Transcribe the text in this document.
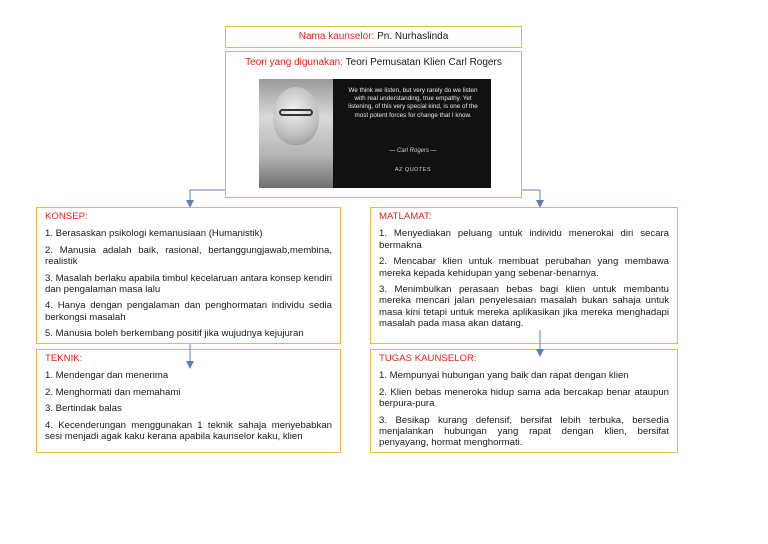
Nama kaunselor: Pn. Nurhaslinda
Teori yang digunakan: Teori Pemusatan Klien Carl Rogers
We think we listen, but very rarely do we listen with real understanding, true empathy. Yet listening, of this very special kind, is one of the most potent forces for change that I know.
— Carl Rogers —
AZ QUOTES
KONSEP:
1. Berasaskan psikologi kemanusiaan (Humanistik)
2. Manusia adalah baik, rasional, bertanggungjawab,membina, realistik
3. Masalah berlaku apabila timbul kecelaruan antara konsep kendiri dan pengalaman masa lalu
4. Hanya dengan pengalaman dan penghormatan individu sedia berkongsi masalah
5. Manusia boleh berkembang positif jika wujudnya kejujuran
MATLAMAT:
1. Menyediakan peluang untuk individu menerokai diri secara bermakna
2. Mencabar klien untuk membuat perubahan yang membawa mereka kepada kehidupan yang sebenar-benarnya.
3. Menimbulkan perasaan bebas bagi klien untuk membantu mereka mencari jalan penyelesaian masalah bukan sahaja untuk masa kini tetapi untuk mereka aplikasikan jika mereka menghadapi masalah pada masa akan datang.
TEKNIK:
1. Mendengar dan menerima
2. Menghormati dan memahami
3. Bertindak balas
4. Kecenderungan menggunakan 1 teknik sahaja menyebabkan sesi menjadi agak kaku kerana apabila kaunselor kaku, klien
TUGAS KAUNSELOR:
1. Mempunyai hubungan yang baik dan rapat dengan klien
2. Klien bebas meneroka hidup sama ada bercakap benar ataupun berpura-pura
3. Besikap kurang defensif, bersifat lebih terbuka, bersedia menjalankan hubungan yang rapat dengan klien, bersifat penyayang, hormat menghormati.
